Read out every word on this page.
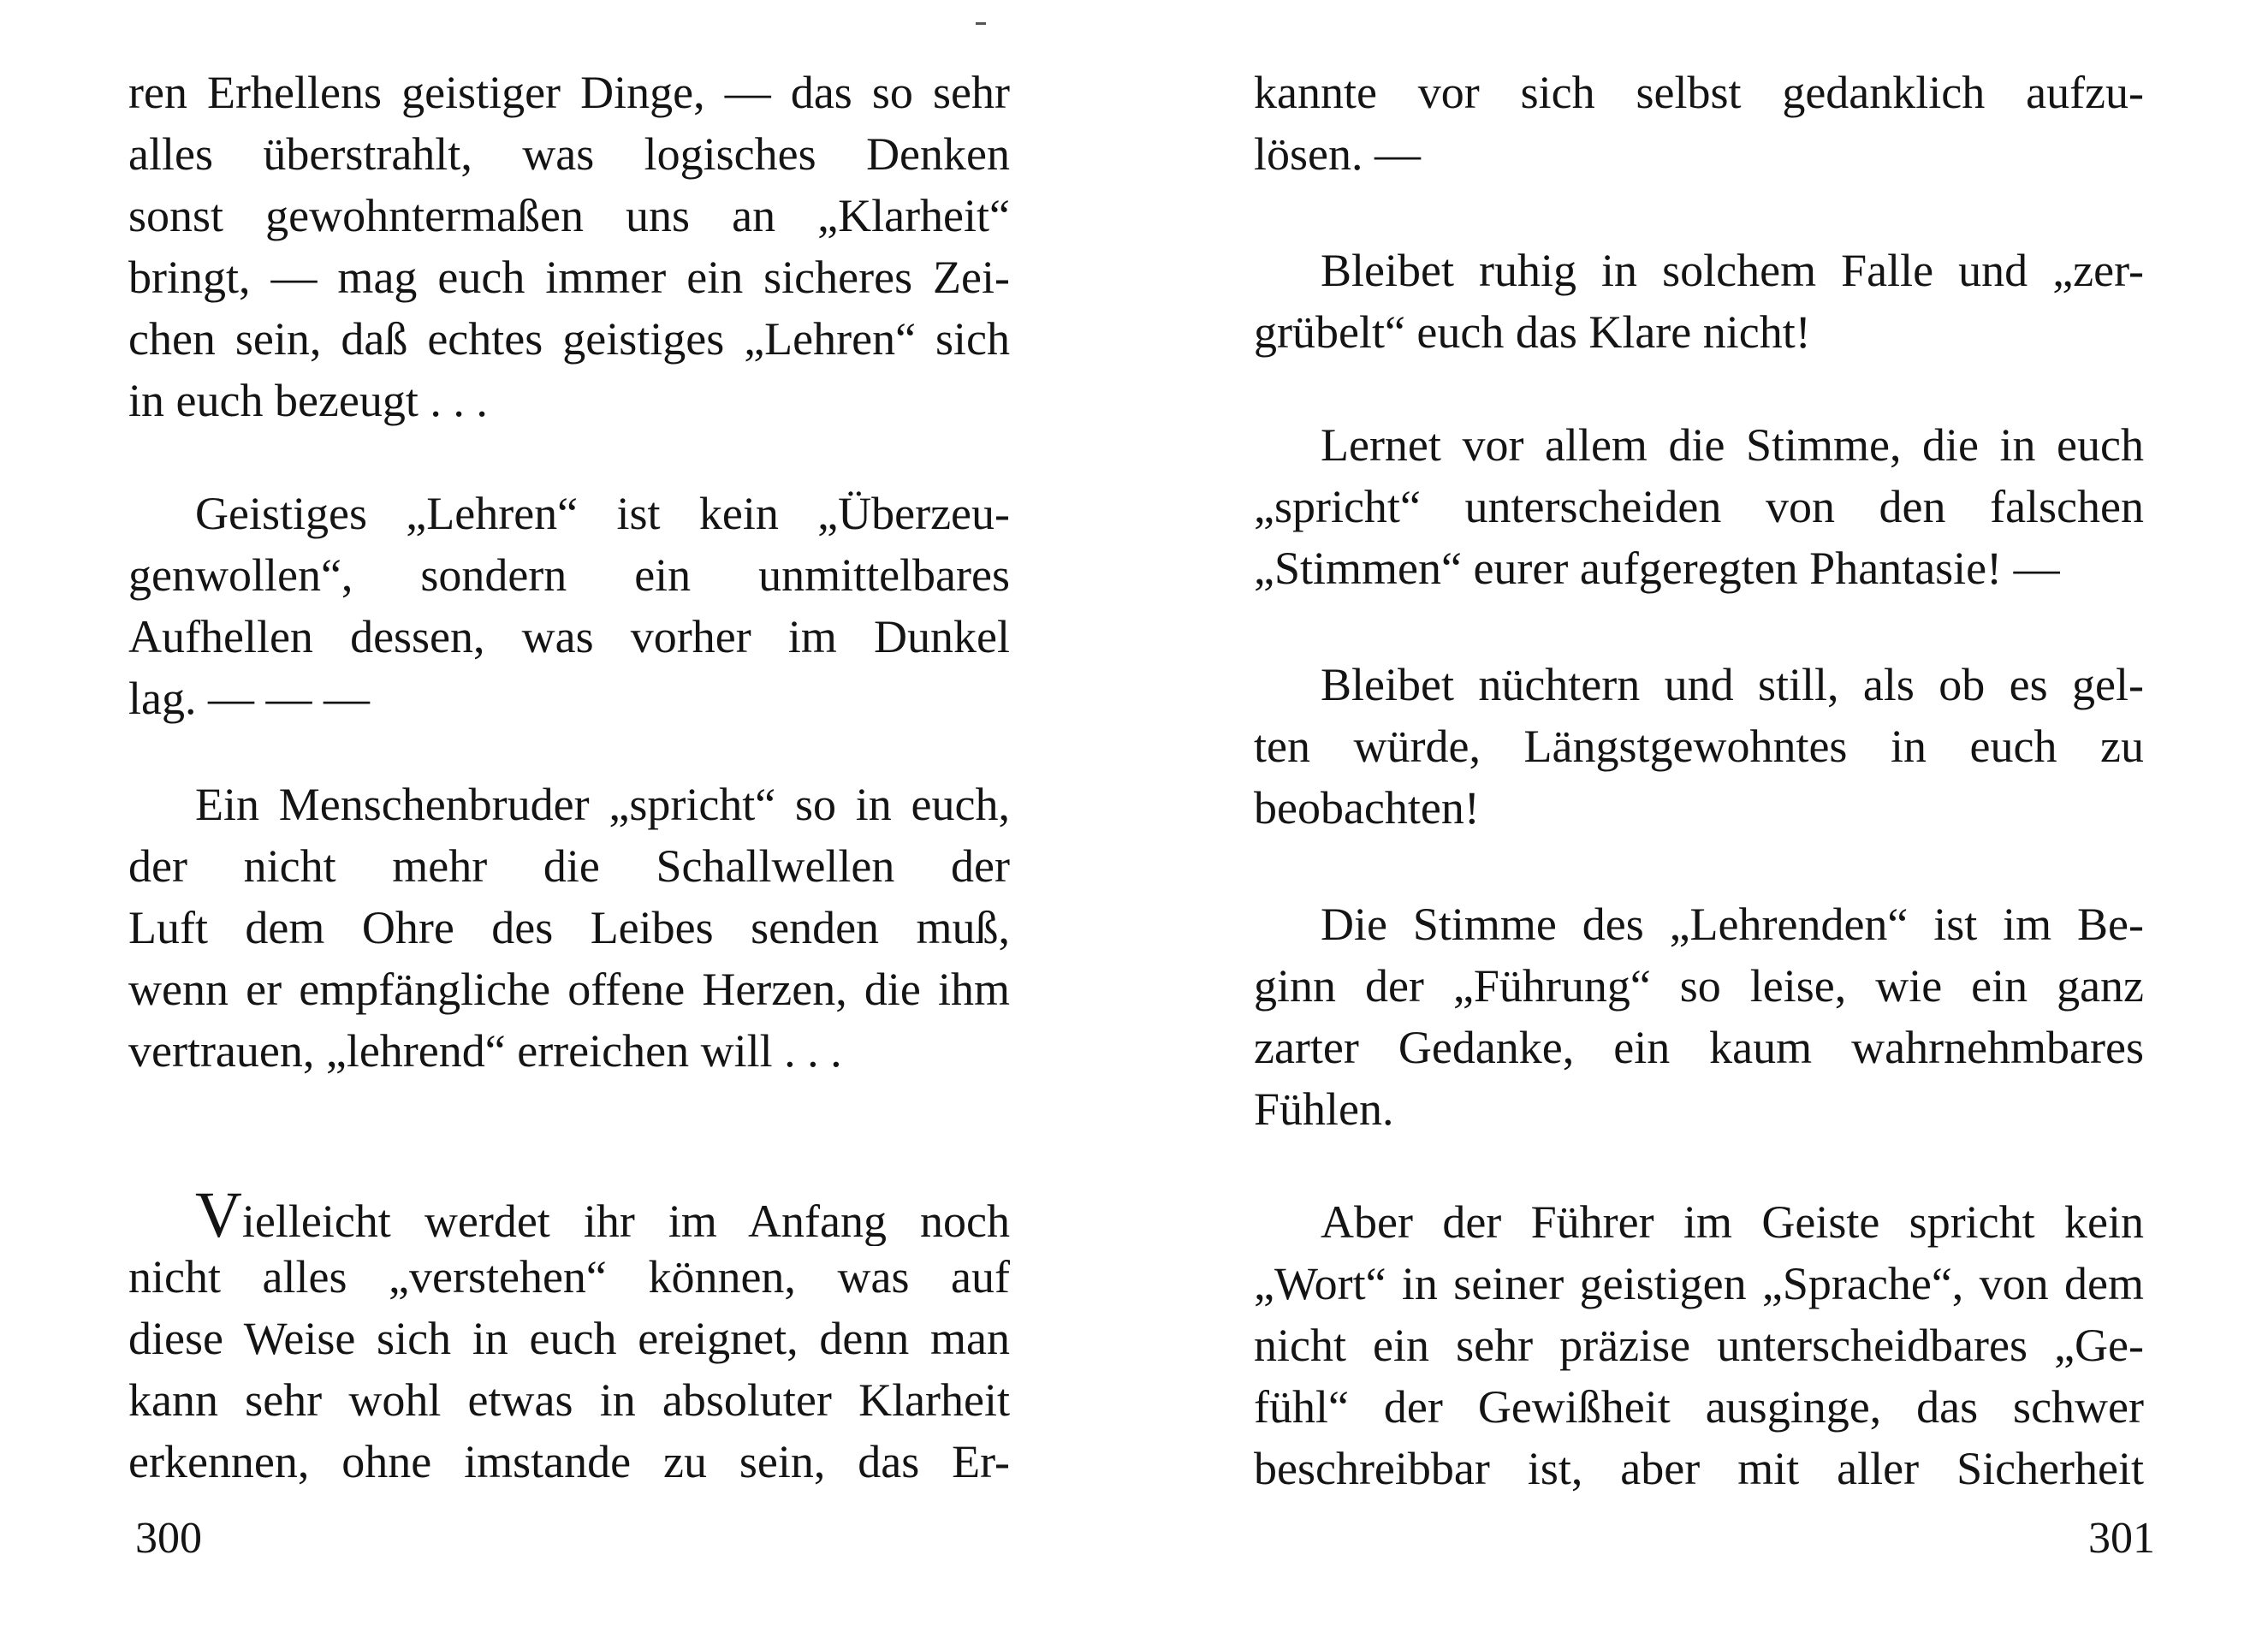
ren Erhellens geistiger Dinge, — das so sehr

alles überstrahlt, was logisches Denken

sonst gewohntermaßen uns an „Klarheit“

bringt, — mag euch immer ein sicheres Zei-

chen sein, daß echtes geistiges „Lehren“ sich

in euch bezeugt . . .

Geistiges „Lehren“ ist kein „Überzeu-

genwollen“, sondern ein unmittelbares

Aufhellen dessen, was vorher im Dunkel

lag. — — —

Ein Menschenbruder „spricht“ so in euch,

der nicht mehr die Schallwellen der

Luft dem Ohre des Leibes senden muß,

wenn er empfängliche offene Herzen, die ihm

vertrauen, „lehrend“ erreichen will . . .

Vielleicht werdet ihr im Anfang noch

nicht alles „verstehen“ können, was auf

diese Weise sich in euch ereignet, denn man

kann sehr wohl etwas in absoluter Klarheit

erkennen, ohne imstande zu sein, das Er-

300

kannte vor sich selbst gedanklich aufzu-

lösen. —

Bleibet ruhig in solchem Falle und „zer-

grübelt“ euch das Klare nicht!

Lernet vor allem die Stimme, die in euch

„spricht“ unterscheiden von den falschen

„Stimmen“ eurer aufgeregten Phantasie! —

Bleibet nüchtern und still, als ob es gel-

ten würde, Längstgewohntes in euch zu

beobachten!

Die Stimme des „Lehrenden“ ist im Be-

ginn der „Führung“ so leise, wie ein ganz

zarter Gedanke, ein kaum wahrnehmbares

Fühlen.

Aber der Führer im Geiste spricht kein

„Wort“ in seiner geistigen „Sprache“, von dem

nicht ein sehr präzise unterscheidbares „Ge-

fühl“ der Gewißheit ausginge, das schwer

beschreibbar ist, aber mit aller Sicherheit

301
